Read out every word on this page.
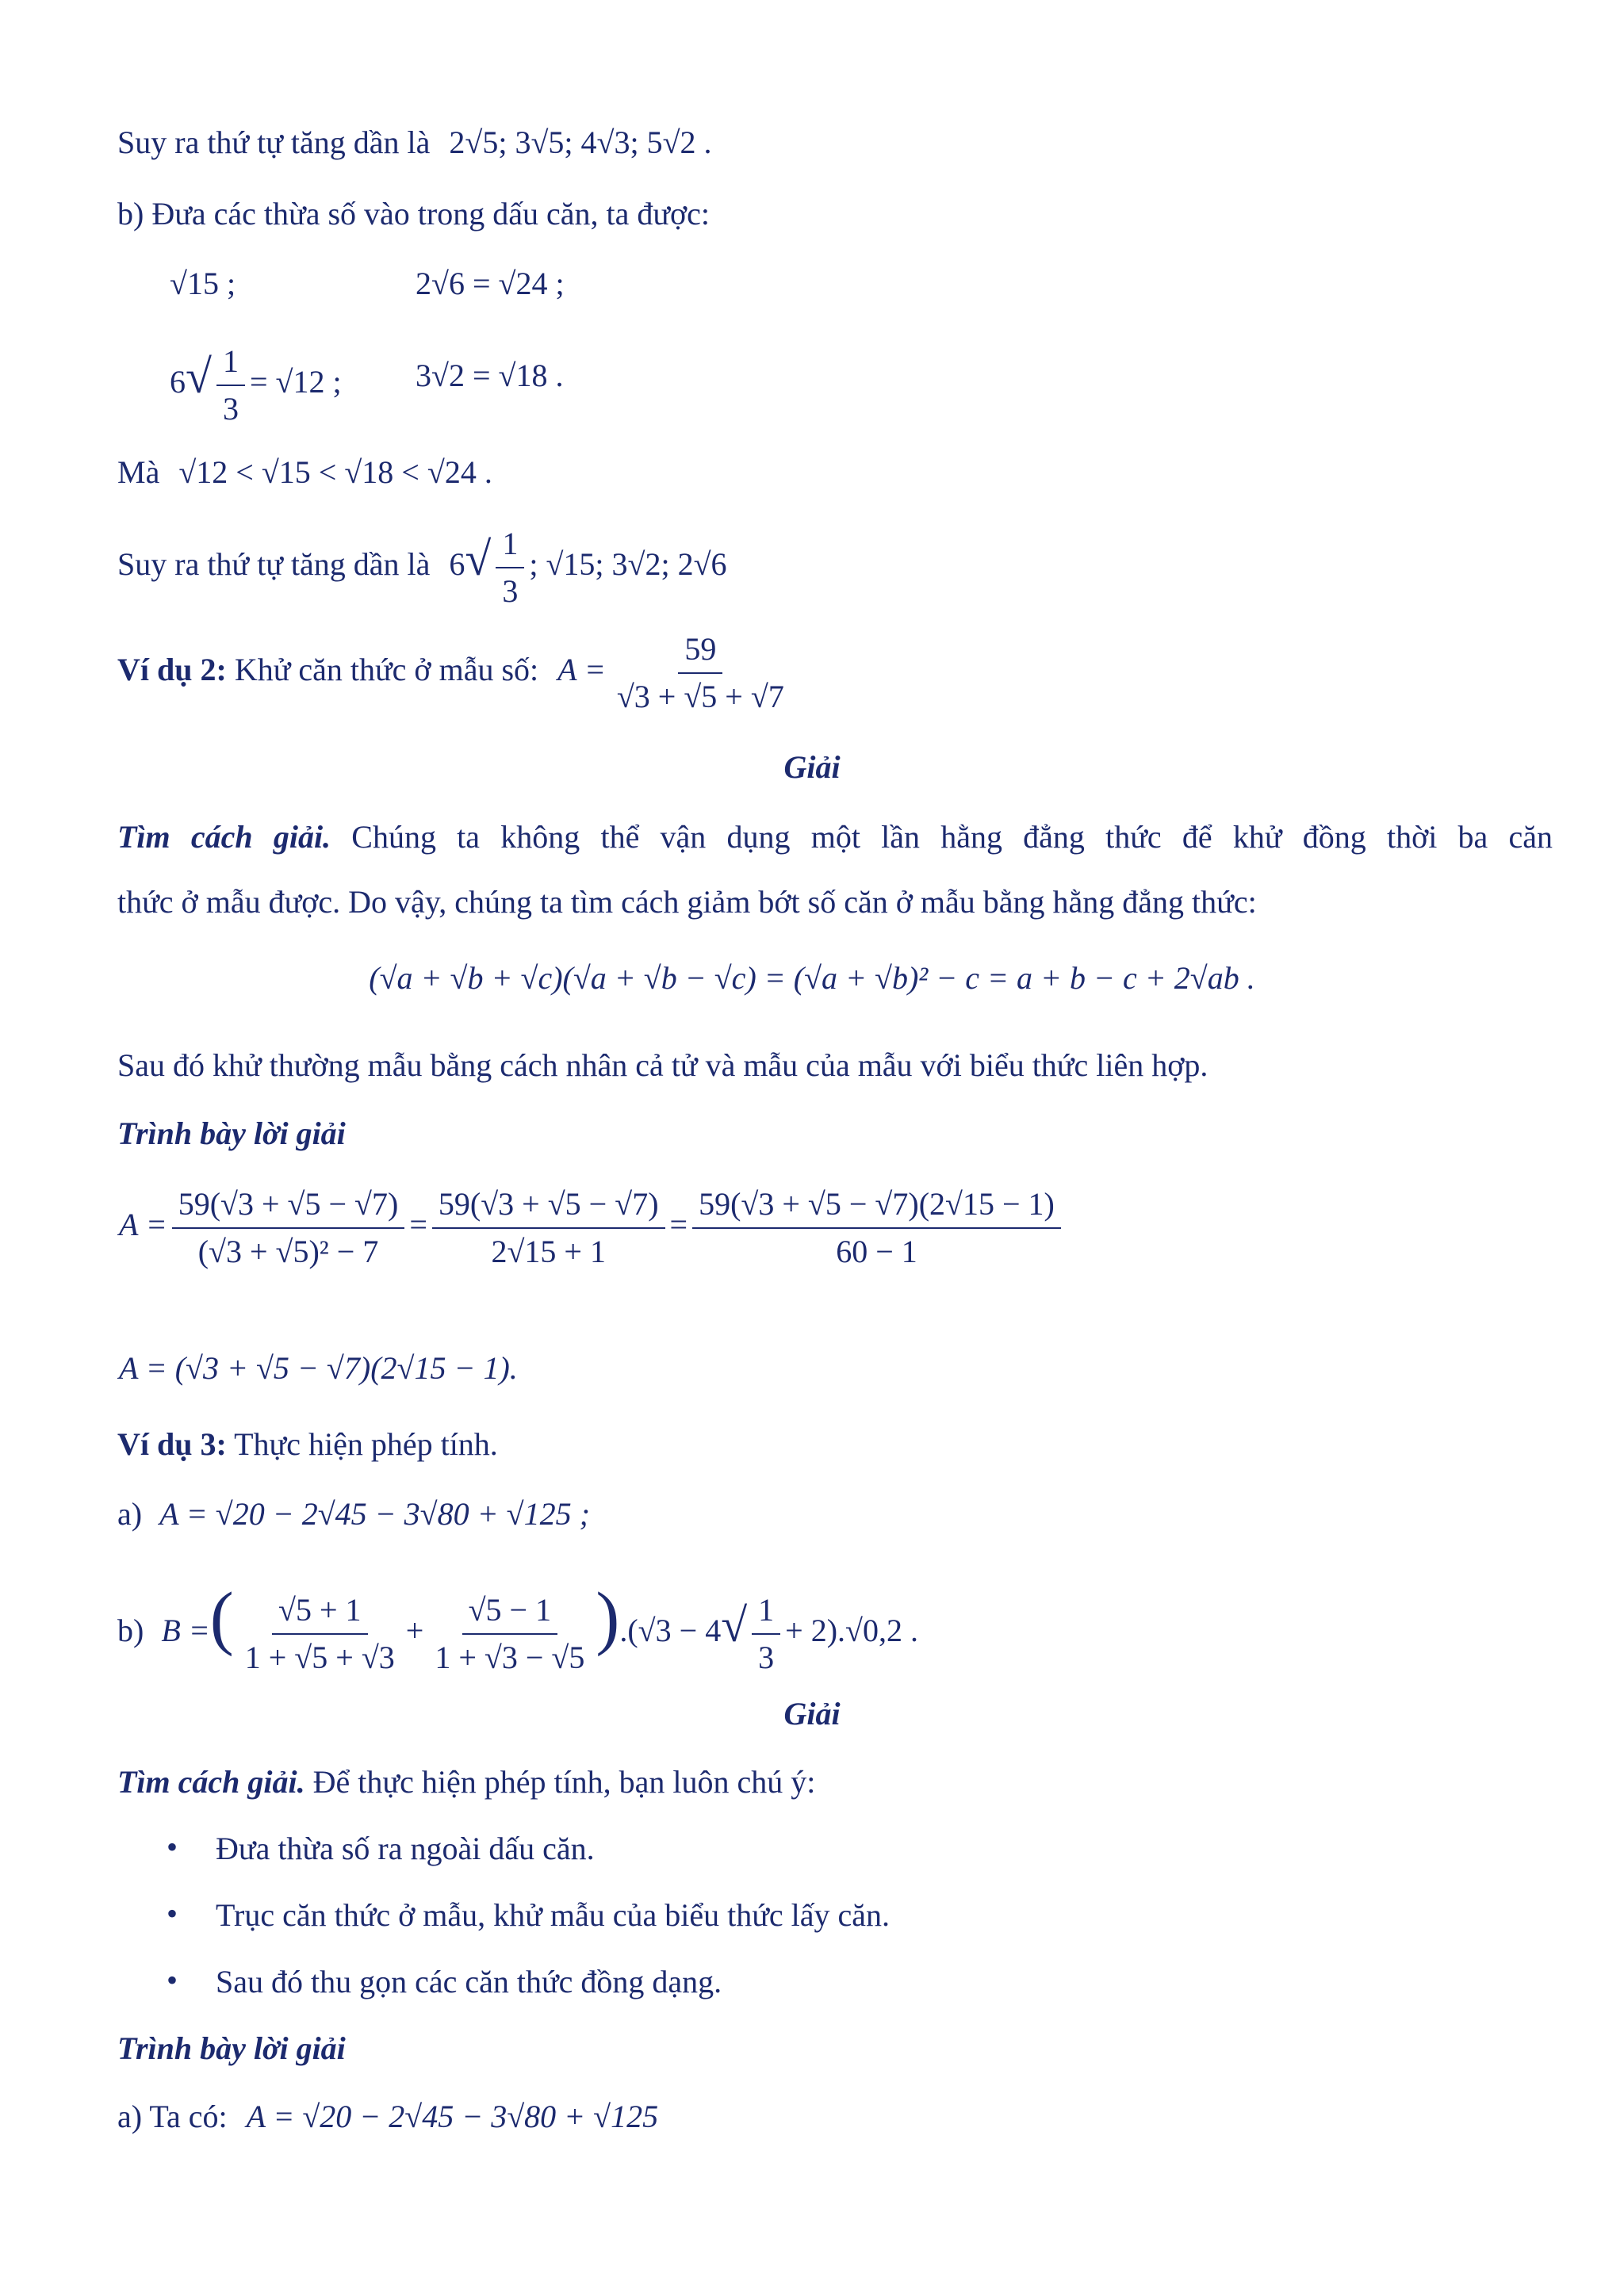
Suy ra thứ tự tăng dần là 2√5; 3√5; 4√3; 5√2 .
b) Đưa các thừa số vào trong dấu căn, ta được:
√15 ;	2√6 = √24 ;
$6√ \frac{1}{3} = √12$ ; 3√2 = √18 .
Mà √12 < √15 < √18 < √24 .
Suy ra thứ tự tăng dần là $6√ \frac{1}{3}$ ; √15; 3√2; 2√6
Ví dụ 2: Khử căn thức ở mẫu số: $A = \frac{59}{√3 + √5 + √7}$
Giải
Tìm cách giải. Chúng ta không thể vận dụng một lần hằng đẳng thức để khử đồng thời ba căn
thức ở mẫu được. Do vậy, chúng ta tìm cách giảm bớt số căn ở mẫu bằng hằng đẳng thức:
(√a + √b + √c)(√a + √b − √c) = (√a + √b)² − c = a + b − c + 2√ab .
Sau đó khử thường mẫu bằng cách nhân cả tử và mẫu của mẫu với biểu thức liên hợp.
Trình bày lời giải
$A = \frac{59(√3 + √5 - √7)}{\text{(√3 + √5)² − 7}} = \frac{59(√3 + √5 - √7)}{2√15 + 1} = \frac{59(√3 + √5 - √7)(2√15 - 1)}{60 - 1}$
A = (√3 + √5 − √7)(2√15 − 1).
Ví dụ 3: Thực hiện phép tính.
a) A = √20 − 2√45 − 3√80 + √125 ;
b) B =( $\frac{√5 + 1}{1 + √5 + √3} + \frac{√5 - 1}{1 + √3 - √5} ).(√3 - 4√ \frac{1}{3} + 2).√0,2$ .
Giải
Tìm cách giải. Để thực hiện phép tính, bạn luôn chú ý:
• Đưa thừa số ra ngoài dấu căn.
• Trục căn thức ở mẫu, khử mẫu của biểu thức lấy căn.
• Sau đó thu gọn các căn thức đồng dạng.
Trình bày lời giải
a) Ta có: A = √20 − 2√45 − 3√80 + √125
